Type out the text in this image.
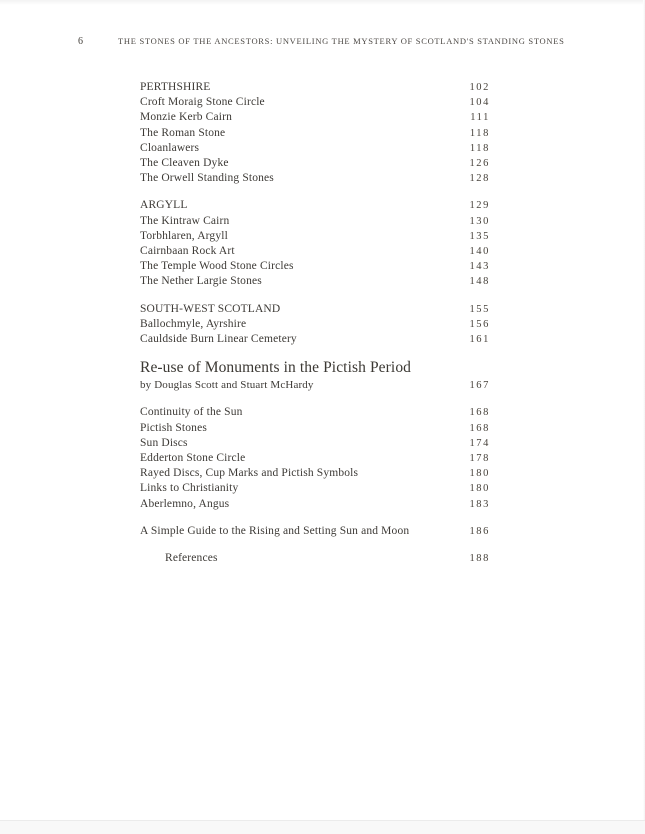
6	THE STONES OF THE ANCESTORS: UNVEILING THE MYSTERY OF SCOTLAND'S STANDING STONES
PERTHSHIRE	102
Croft Moraig Stone Circle	104
Monzie Kerb Cairn	111
The Roman Stone	118
Cloanlawers	118
The Cleaven Dyke	126
The Orwell Standing Stones	128
ARGYLL	129
The Kintraw Cairn	130
Torbhlaren, Argyll	135
Cairnbaan Rock Art	140
The Temple Wood Stone Circles	143
The Nether Largie Stones	148
SOUTH-WEST SCOTLAND	155
Ballochmyle, Ayrshire	156
Cauldside Burn Linear Cemetery	161
Re-use of Monuments in the Pictish Period
by Douglas Scott and Stuart McHardy	167
Continuity of the Sun	168
Pictish Stones	168
Sun Discs	174
Edderton Stone Circle	178
Rayed Discs, Cup Marks and Pictish Symbols	180
Links to Christianity	180
Aberlemno, Angus	183
A Simple Guide to the Rising and Setting Sun and Moon	186
References	188
